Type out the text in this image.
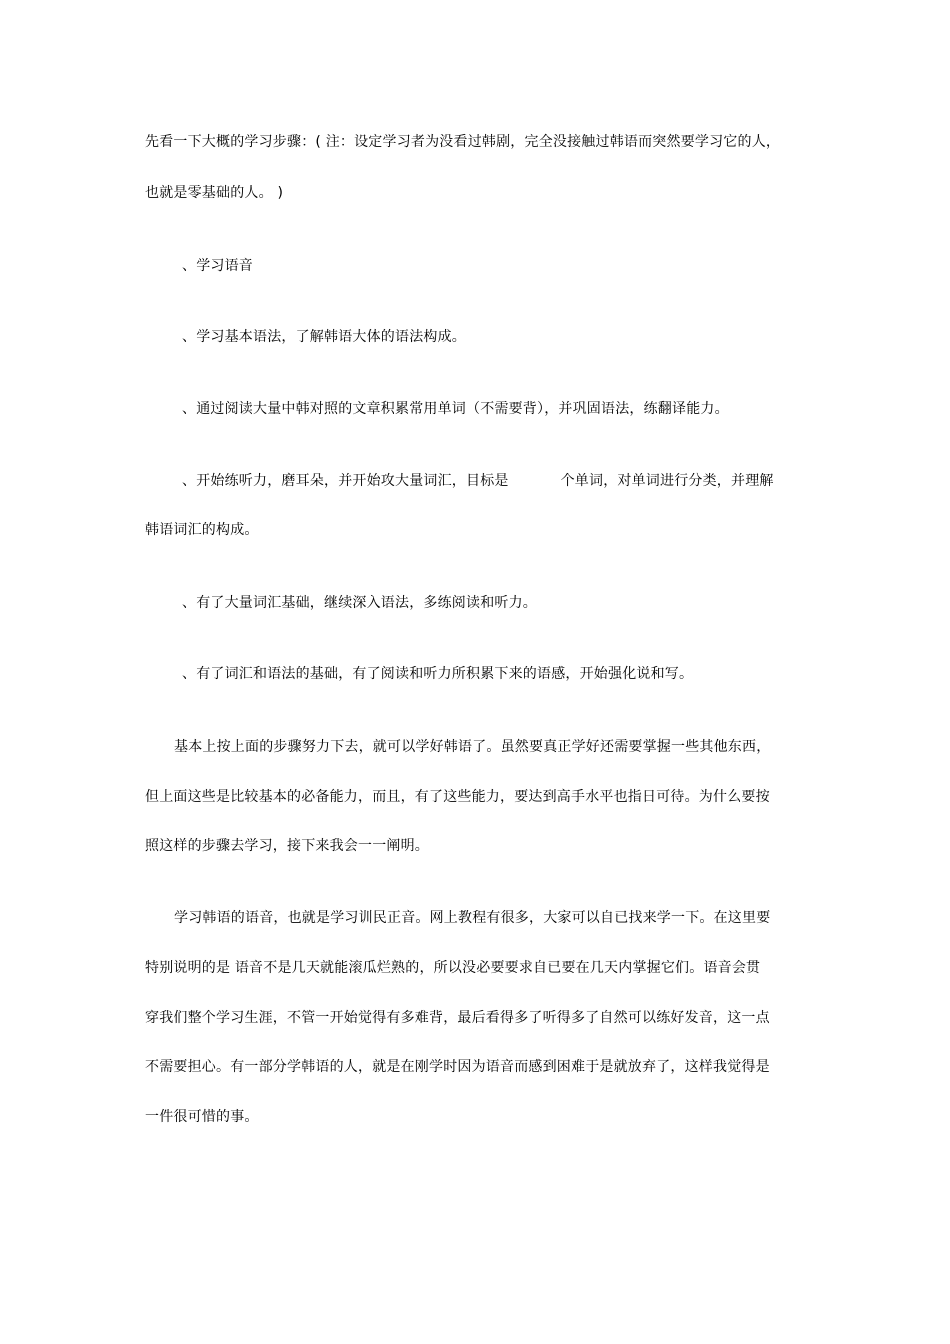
先看一下大概的学习步骤：( 注：设定学习者为没看过韩剧，完全没接触过韩语而突然要学习它的人，
也就是零基础的人。 )
、学习语音
、学习基本语法，了解韩语大体的语法构成。
、通过阅读大量中韩对照的文章积累常用单词（不需要背），并巩固语法，练翻译能力。
、开始练听力，磨耳朵，并开始攻大量词汇，目标是	个单词，对单词进行分类，并理解
韩语词汇的构成。
、有了大量词汇基础，继续深入语法，多练阅读和听力。
、有了词汇和语法的基础，有了阅读和听力所积累下来的语感，开始强化说和写。
基本上按上面的步骤努力下去，就可以学好韩语了。虽然要真正学好还需要掌握一些其他东西，
但上面这些是比较基本的必备能力，而且，有了这些能力，要达到高手水平也指日可待。为什么要按
照这样的步骤去学习，接下来我会一一阐明。
学习韩语的语音，也就是学习训民正音。网上教程有很多，大家可以自已找来学一下。在这里要
特别说明的是 语音不是几天就能滚瓜烂熟的，所以没必要要求自已要在几天内掌握它们。语音会贯
穿我们整个学习生涯，不管一开始觉得有多难背，最后看得多了听得多了自然可以练好发音，这一点
不需要担心。有一部分学韩语的人，就是在刚学时因为语音而感到困难于是就放弃了，这样我觉得是
一件很可惜的事。
